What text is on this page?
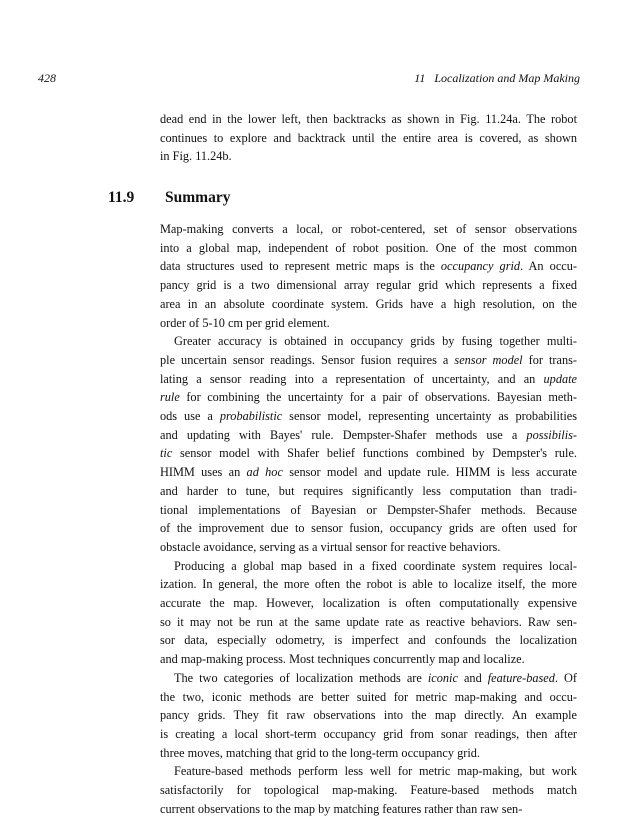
428	11 Localization and Map Making
dead end in the lower left, then backtracks as shown in Fig. 11.24a. The robot
continues to explore and backtrack until the entire area is covered, as shown
in Fig. 11.24b.
11.9 Summary
Map-making converts a local, or robot-centered, set of sensor observations
into a global map, independent of robot position. One of the most common
data structures used to represent metric maps is the occupancy grid. An occu-
pancy grid is a two dimensional array regular grid which represents a fixed
area in an absolute coordinate system. Grids have a high resolution, on the
order of 5-10 cm per grid element.
Greater accuracy is obtained in occupancy grids by fusing together multi-
ple uncertain sensor readings. Sensor fusion requires a sensor model for trans-
lating a sensor reading into a representation of uncertainty, and an update
rule for combining the uncertainty for a pair of observations. Bayesian meth-
ods use a probabilistic sensor model, representing uncertainty as probabilities
and updating with Bayes' rule. Dempster-Shafer methods use a possibilis-
tic sensor model with Shafer belief functions combined by Dempster's rule.
HIMM uses an ad hoc sensor model and update rule. HIMM is less accurate
and harder to tune, but requires significantly less computation than tradi-
tional implementations of Bayesian or Dempster-Shafer methods. Because
of the improvement due to sensor fusion, occupancy grids are often used for
obstacle avoidance, serving as a virtual sensor for reactive behaviors.
Producing a global map based in a fixed coordinate system requires local-
ization. In general, the more often the robot is able to localize itself, the more
accurate the map. However, localization is often computationally expensive
so it may not be run at the same update rate as reactive behaviors. Raw sen-
sor data, especially odometry, is imperfect and confounds the localization
and map-making process. Most techniques concurrently map and localize.
The two categories of localization methods are iconic and feature-based. Of
the two, iconic methods are better suited for metric map-making and occu-
pancy grids. They fit raw observations into the map directly. An example
is creating a local short-term occupancy grid from sonar readings, then after
three moves, matching that grid to the long-term occupancy grid.
Feature-based methods perform less well for metric map-making, but work
satisfactorily for topological map-making. Feature-based methods match
current observations to the map by matching features rather than raw sen-
